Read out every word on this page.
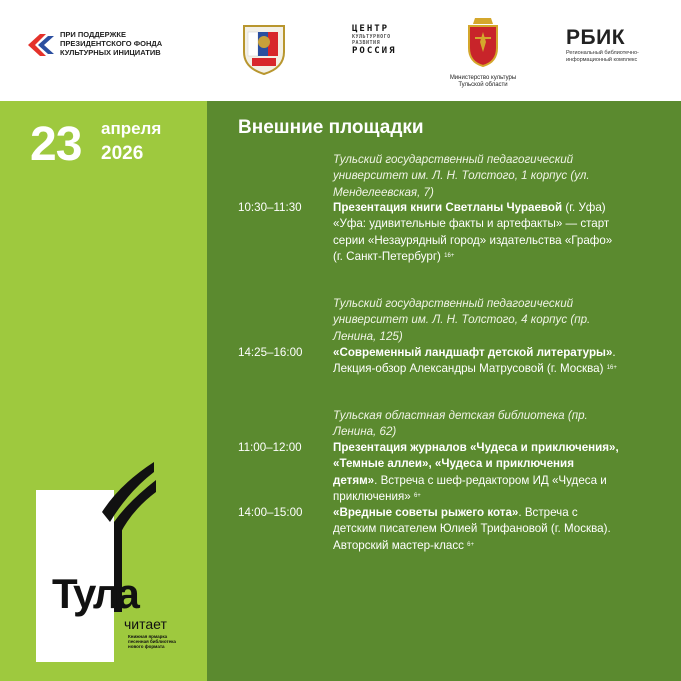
ПРИ ПОДДЕРЖКЕ
ПРЕЗИДЕНТСКОГО ФОНДА
КУЛЬТУРНЫХ ИНИЦИАТИВ
ЦЕНТР
КУЛЬТУРНОГО РАЗВИТИЯ
РОССИЯ
Министерство культуры
Тульской области
РБИК
Региональный библиотечно-
информационный комплекс
23 апреля
2026
Тула
читает
Книжная ярмарка
песенная библиотека
нового формата
Внешние площадки
Тульский государственный педагогический университет им. Л. Н. Толстого, 1 корпус (ул. Менделеевская, 7)
10:30–11:30	Презентация книги Светланы Чураевой (г. Уфа) «Уфа: удивительные факты и артефакты» — старт серии «Незаурядный город» издательства «Графо» (г. Санкт-Петербург) $^{16+}$
Тульский государственный педагогический университет им. Л. Н. Толстого, 4 корпус (пр. Ленина, 125)
14:25–16:00	«Современный ландшафт детской литературы». Лекция-обзор Александры Матрусовой (г. Москва) $^{16+}$
Тульская областная детская библиотека (пр. Ленина, 62)
11:00–12:00	Презентация журналов «Чудеса и приключения», «Темные аллеи», «Чудеса и приключения детям». Встреча с шеф-редактором ИД «Чудеса и приключения» $^{6+}$
14:00–15:00	«Вредные советы рыжего кота». Встреча с детским писателем Юлией Трифановой (г. Москва). Авторский мастер-класс $^{6+}$
